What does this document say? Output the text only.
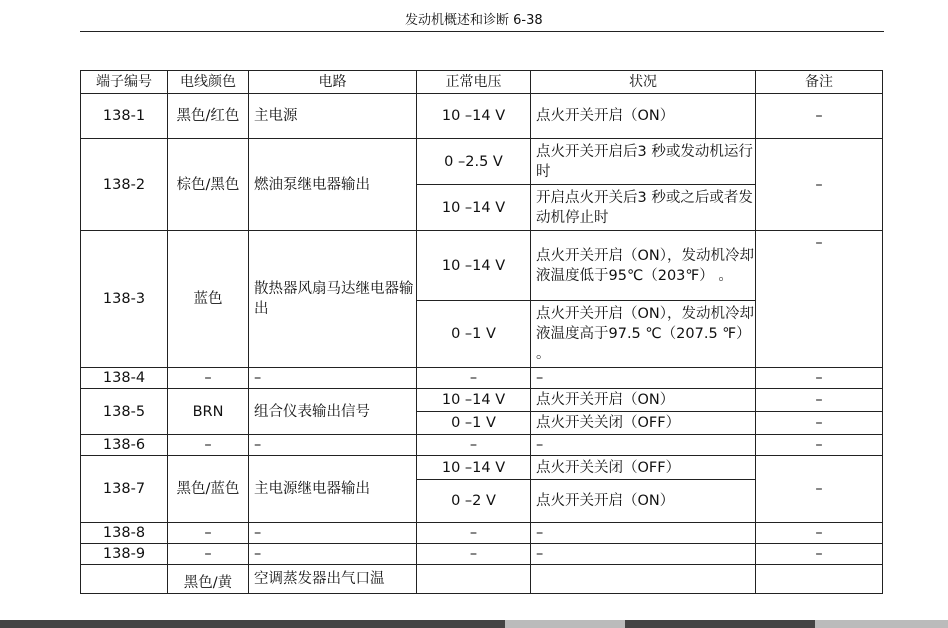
发动机概述和诊断 6-38
端子编号	电线颜色	电路	正常电压	状况	备注
138-1	黑色/红色	主电源	10 –14 V	点火开关开启（ON）	–
138-2	棕色/黑色	燃油泵继电器输出	0 –2.5 V	点火开关开启后3 秒或发动机运行时	–
			10 –14 V	开启点火开关后3 秒或之后或者发动机停止时	
138-3	蓝色	散热器风扇马达继电器输出	10 –14 V	点火开关开启（ON），发动机冷却液温度低于95℃（203℉） 。	–
			0 –1 V	点火开关开启（ON），发动机冷却液温度高于97.5 ℃（207.5 ℉） 。	
138-4	–	–	–	–	–
138-5	BRN	组合仪表输出信号	10 –14 V	点火开关开启（ON）	–
			0 –1 V	点火开关关闭（OFF）	–
138-6	–	–	–	–	–
138-7	黑色/蓝色	主电源继电器输出	10 –14 V	点火开关关闭（OFF）	–
			0 –2 V	点火开关开启（ON）	
138-8	–	–	–	–	–
138-9	–	–	–	–	–
	黑色/黄	空调蒸发器出气口温			
